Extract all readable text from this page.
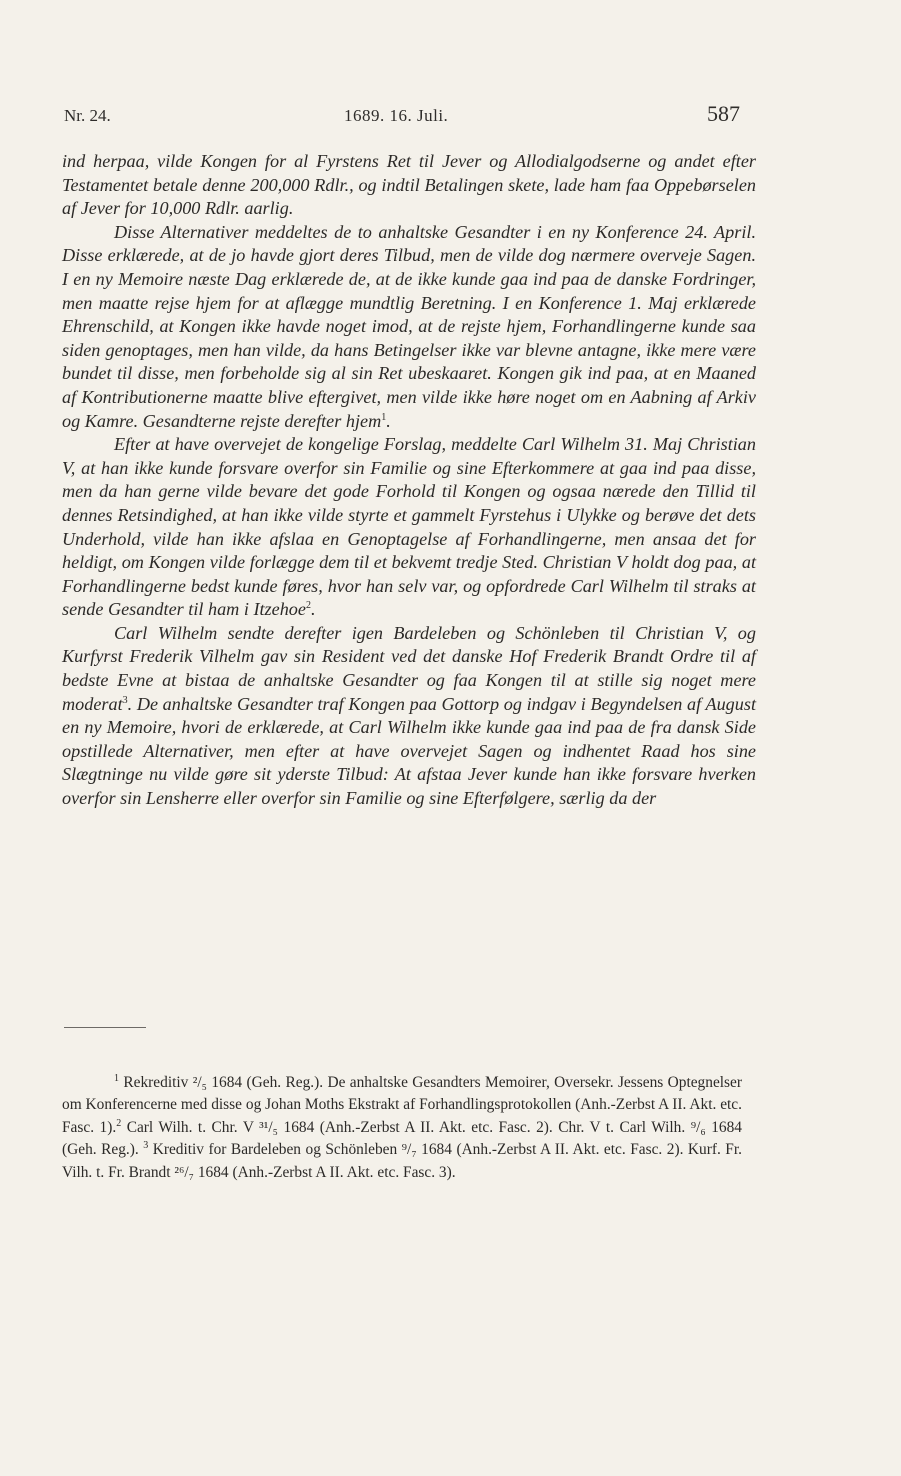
Nr. 24.	1689. 16. Juli.	587

ind herpaa, vilde Kongen for al Fyrstens Ret til Jever og Allodialgodserne og andet efter Testamentet betale denne 200,000 Rdlr., og indtil Betalingen skete, lade ham faa Oppebørselen af Jever for 10,000 Rdlr. aarlig.

Disse Alternativer meddeltes de to anhaltske Gesandter i en ny Konference 24. April. Disse erklærede, at de jo havde gjort deres Tilbud, men de vilde dog nærmere overveje Sagen. I en ny Memoire næste Dag erklærede de, at de ikke kunde gaa ind paa de danske Fordringer, men maatte rejse hjem for at aflægge mundtlig Beretning. I en Konference 1. Maj erklærede Ehrenschild, at Kongen ikke havde noget imod, at de rejste hjem, Forhandlingerne kunde saa siden genoptages, men han vilde, da hans Betingelser ikke var blevne antagne, ikke mere være bundet til disse, men forbeholde sig al sin Ret ubeskaaret. Kongen gik ind paa, at en Maaned af Kontributionerne maatte blive eftergivet, men vilde ikke høre noget om en Aabning af Arkiv og Kamre. Gesandterne rejste derefter hjem$^1$.

Efter at have overvejet de kongelige Forslag, meddelte Carl Wilhelm 31. Maj Christian V, at han ikke kunde forsvare overfor sin Familie og sine Efterkommere at gaa ind paa disse, men da han gerne vilde bevare det gode Forhold til Kongen og ogsaa nærede den Tillid til dennes Retsindighed, at han ikke vilde styrte et gammelt Fyrstehus i Ulykke og berøve det dets Underhold, vilde han ikke afslaa en Genoptagelse af Forhandlingerne, men ansaa det for heldigt, om Kongen vilde forlægge dem til et bekvemt tredje Sted. Christian V holdt dog paa, at Forhandlingerne bedst kunde føres, hvor han selv var, og opfordrede Carl Wilhelm til straks at sende Gesandter til ham i Itzehoe$^2$.

Carl Wilhelm sendte derefter igen Bardeleben og Schönleben til Christian V, og Kurfyrst Frederik Vilhelm gav sin Resident ved det danske Hof Frederik Brandt Ordre til af bedste Evne at bistaa de anhaltske Gesandter og faa Kongen til at stille sig noget mere moderat$^3$. De anhaltske Gesandter traf Kongen paa Gottorp og indgav i Begyndelsen af August en ny Memoire, hvori de erklærede, at Carl Wilhelm ikke kunde gaa ind paa de fra dansk Side opstillede Alternativer, men efter at have overvejet Sagen og indhentet Raad hos sine Slægtninge nu vilde gøre sit yderste Tilbud: At afstaa Jever kunde han ikke forsvare hverken overfor sin Lensherre eller overfor sin Familie og sine Efterfølgere, særlig da der

$^1$ Rekreditiv ²/₅ 1684 (Geh. Reg.). De anhaltske Gesandters Memoirer, Oversekr. Jessens Optegnelser om Konferencerne med disse og Johan Moths Ekstrakt af Forhandlingsprotokollen (Anh.-Zerbst A II. Akt. etc. Fasc. 1).$^2$ Carl Wilh. t. Chr. V ³¹/₅ 1684 (Anh.-Zerbst A II. Akt. etc. Fasc. 2). Chr. V t. Carl Wilh. ⁹/₆ 1684 (Geh. Reg.). $^3$ Kreditiv for Bardeleben og Schönleben ⁹/₇ 1684 (Anh.-Zerbst A II. Akt. etc. Fasc. 2). Kurf. Fr. Vilh. t. Fr. Brandt ²⁶/₇ 1684 (Anh.-Zerbst A II. Akt. etc. Fasc. 3).
